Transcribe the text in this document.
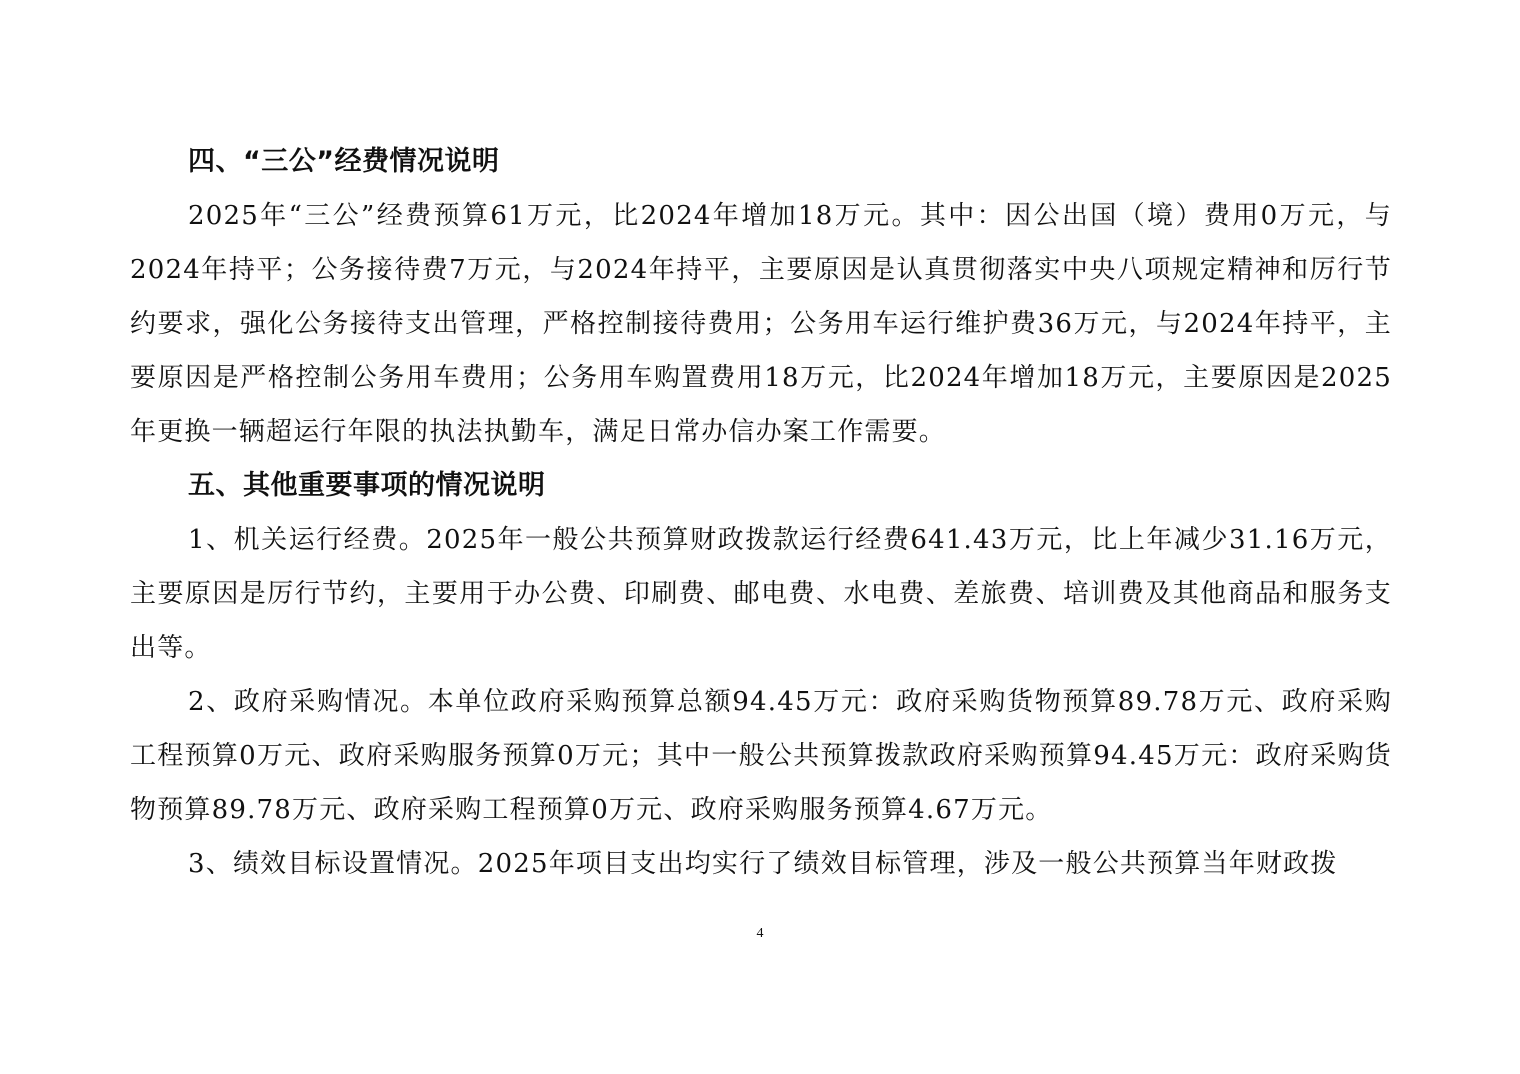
四、“三公”经费情况说明

2025年“三公”经费预算61万元，比2024年增加18万元。其中：因公出国（境）费用0万元，与2024年持平；公务接待费7万元，与2024年持平，主要原因是认真贯彻落实中央八项规定精神和厉行节约要求，强化公务接待支出管理，严格控制接待费用；公务用车运行维护费36万元，与2024年持平，主要原因是严格控制公务用车费用；公务用车购置费用18万元，比2024年增加18万元，主要原因是2025年更换一辆超运行年限的执法执勤车，满足日常办信办案工作需要。

五、其他重要事项的情况说明

1、机关运行经费。2025年一般公共预算财政拨款运行经费641.43万元，比上年减少31.16万元，主要原因是厉行节约，主要用于办公费、印刷费、邮电费、水电费、差旅费、培训费及其他商品和服务支出等。

2、政府采购情况。本单位政府采购预算总额94.45万元：政府采购货物预算89.78万元、政府采购工程预算0万元、政府采购服务预算0万元；其中一般公共预算拨款政府采购预算94.45万元：政府采购货物预算89.78万元、政府采购工程预算0万元、政府采购服务预算4.67万元。

3、绩效目标设置情况。2025年项目支出均实行了绩效目标管理，涉及一般公共预算当年财政拨

4
